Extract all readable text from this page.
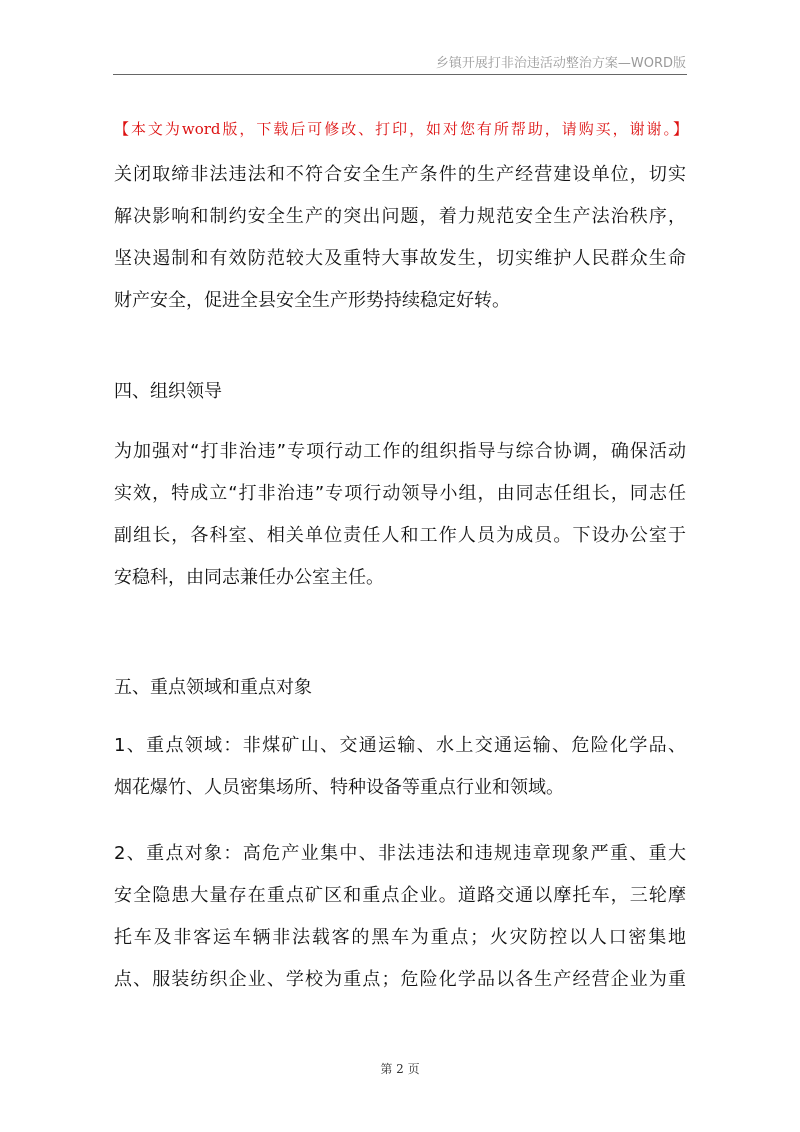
乡镇开展打非治违活动整治方案—WORD版
【本文为word版，下载后可修改、打印，如对您有所帮助，请购买，谢谢。】
关闭取缔非法违法和不符合安全生产条件的生产经营建设单位，切实
解决影响和制约安全生产的突出问题，着力规范安全生产法治秩序，
坚决遏制和有效防范较大及重特大事故发生，切实维护人民群众生命
财产安全，促进全县安全生产形势持续稳定好转。
四、组织领导
为加强对“打非治违”专项行动工作的组织指导与综合协调，确保活动
实效，特成立“打非治违”专项行动领导小组，由同志任组长，同志任
副组长，各科室、相关单位责任人和工作人员为成员。下设办公室于
安稳科，由同志兼任办公室主任。
五、重点领域和重点对象
1、重点领域：非煤矿山、交通运输、水上交通运输、危险化学品、
烟花爆竹、人员密集场所、特种设备等重点行业和领域。
2、重点对象：高危产业集中、非法违法和违规违章现象严重、重大
安全隐患大量存在重点矿区和重点企业。道路交通以摩托车，三轮摩
托车及非客运车辆非法载客的黑车为重点；火灾防控以人口密集地
点、服装纺织企业、学校为重点；危险化学品以各生产经营企业为重
第 2 页
